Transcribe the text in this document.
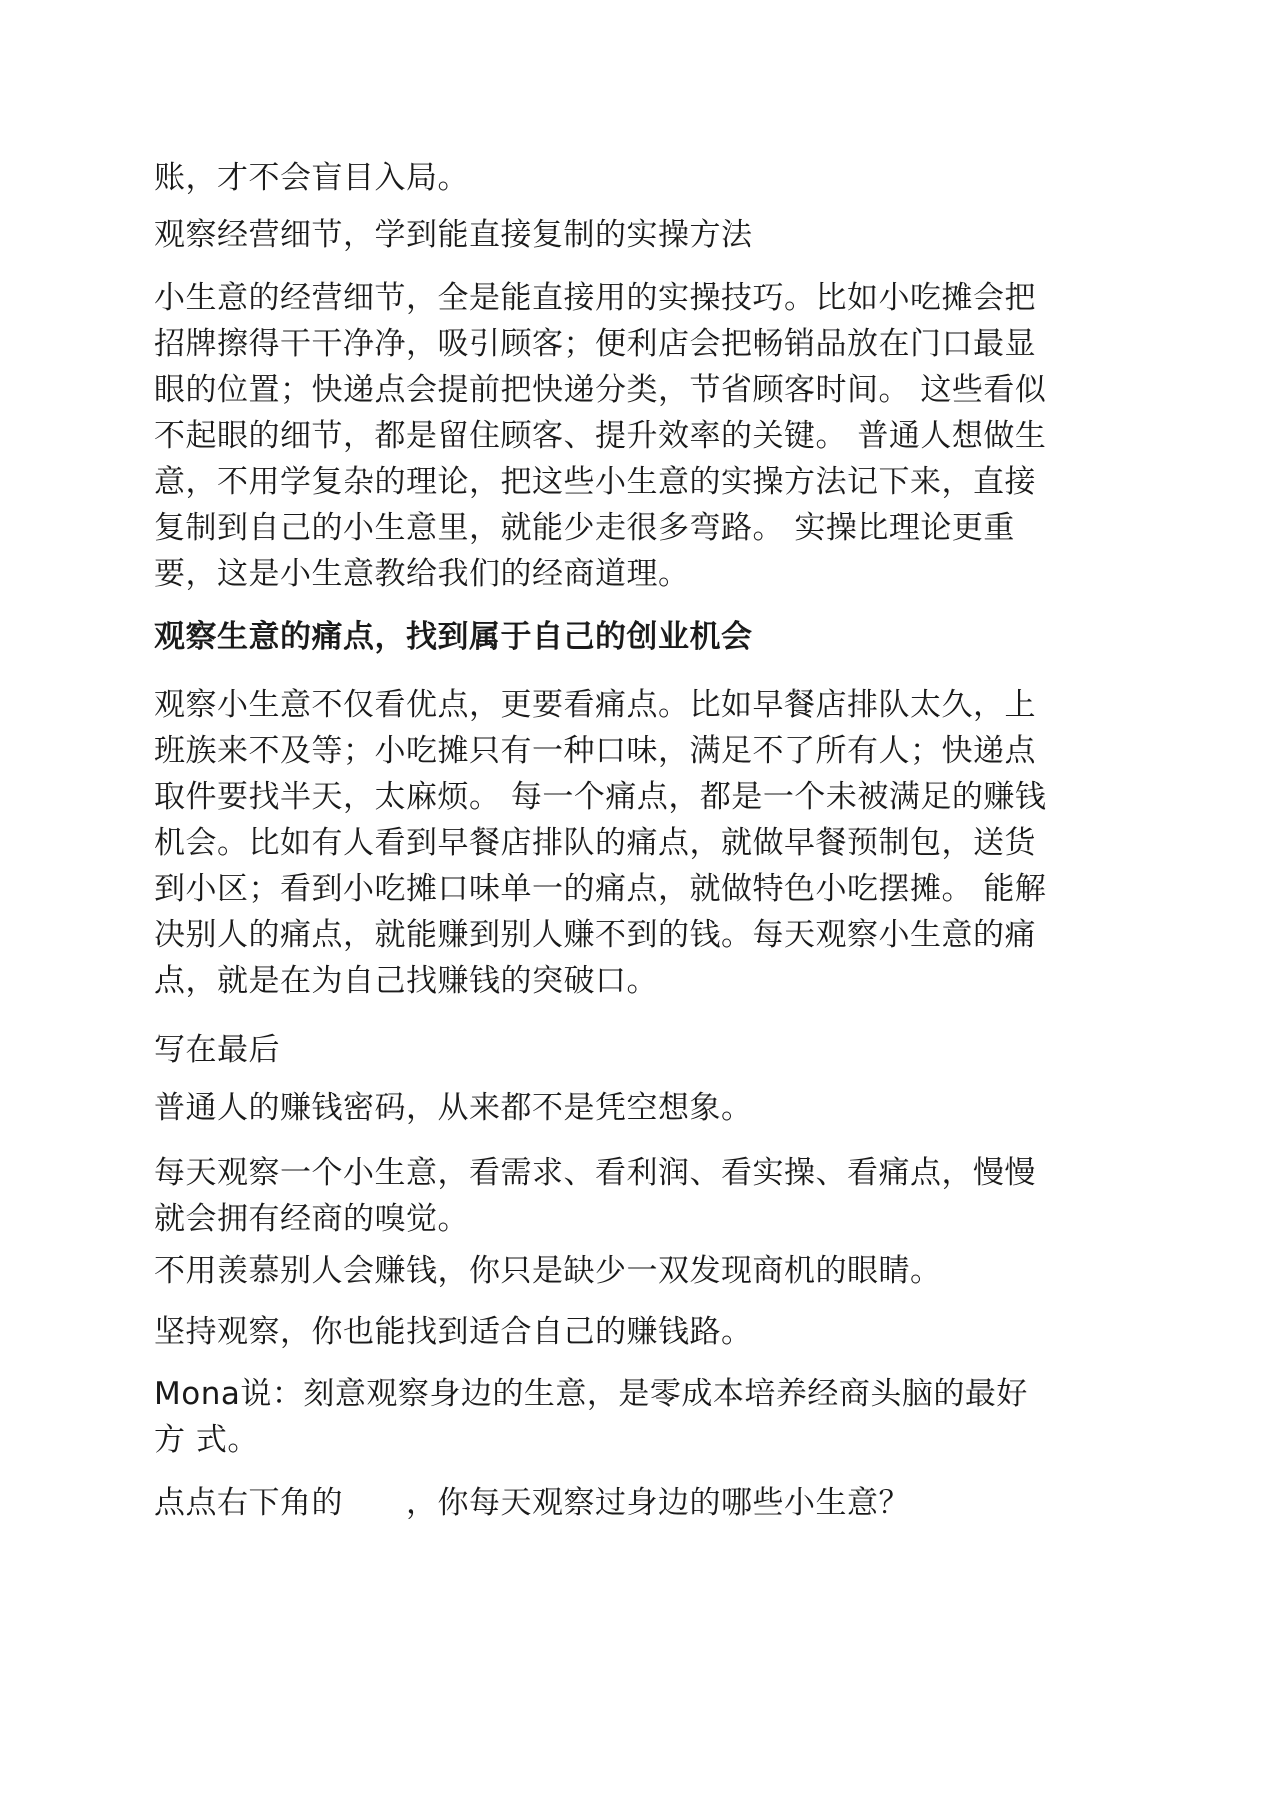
账，才不会盲目入局。

观察经营细节，学到能直接复制的实操方法

小生意的经营细节，全是能直接用的实操技巧。比如小吃摊会把

招牌擦得干干净净，吸引顾客；便利店会把畅销品放在门口最显

眼的位置；快递点会提前把快递分类，节省顾客时间。 这些看似

不起眼的细节，都是留住顾客、提升效率的关键。 普通人想做生

意，不用学复杂的理论，把这些小生意的实操方法记下来，直接

复制到自己的小生意里，就能少走很多弯路。 实操比理论更重

要，这是小生意教给我们的经商道理。

观察生意的痛点，找到属于自己的创业机会

观察小生意不仅看优点，更要看痛点。比如早餐店排队太久，上

班族来不及等；小吃摊只有一种口味，满足不了所有人；快递点

取件要找半天，太麻烦。 每一个痛点，都是一个未被满足的赚钱

机会。比如有人看到早餐店排队的痛点，就做早餐预制包，送货

到小区；看到小吃摊口味单一的痛点，就做特色小吃摆摊。 能解

决别人的痛点，就能赚到别人赚不到的钱。每天观察小生意的痛

点，就是在为自己找赚钱的突破口。

写在最后

普通人的赚钱密码，从来都不是凭空想象。

每天观察一个小生意，看需求、看利润、看实操、看痛点，慢慢

就会拥有经商的嗅觉。

不用羡慕别人会赚钱，你只是缺少一双发现商机的眼睛。

坚持观察，你也能找到适合自己的赚钱路。

Mona说：刻意观察身边的生意，是零成本培养经商头脑的最好

方 式。

点点右下角的　　，你每天观察过身边的哪些小生意？
